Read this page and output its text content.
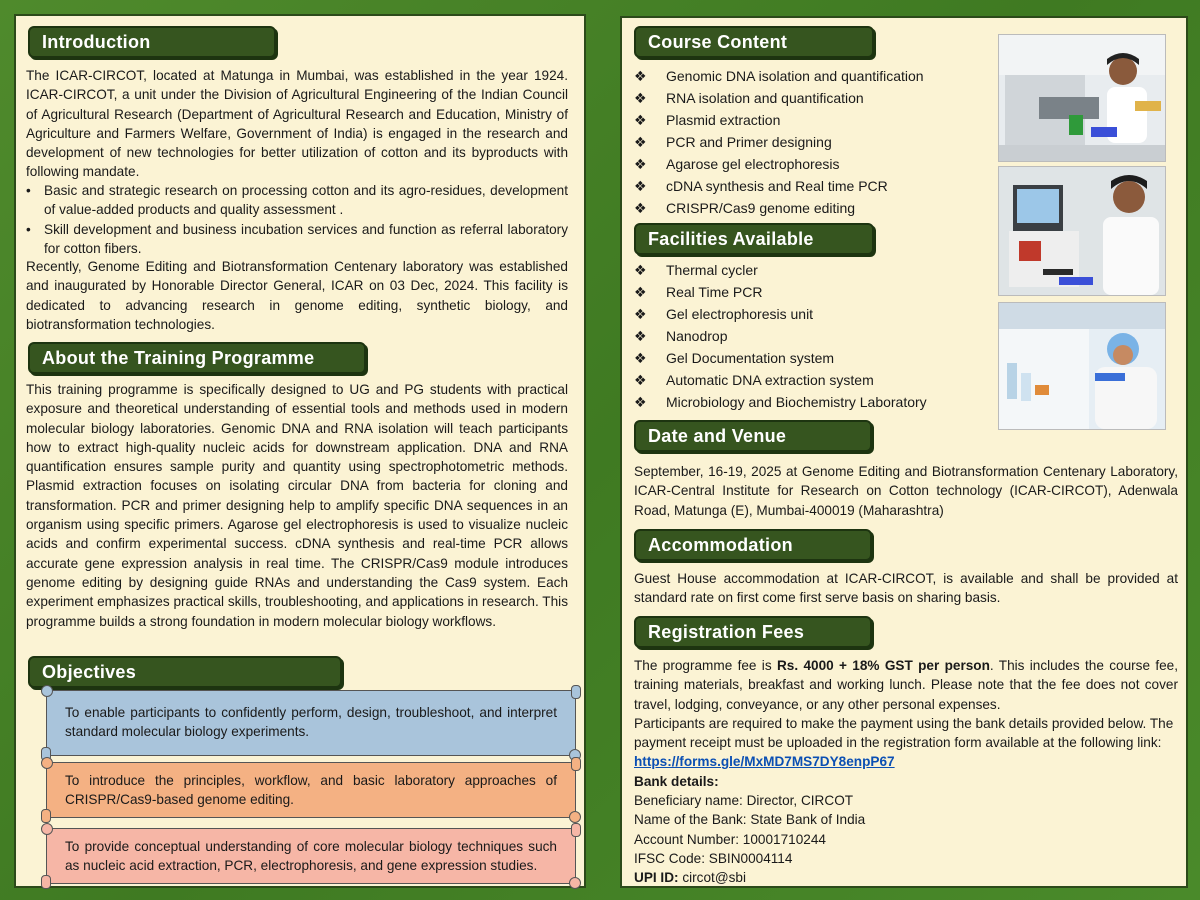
Introduction

The ICAR-CIRCOT, located at Matunga in Mumbai, was established in the year 1924. ICAR-CIRCOT, a unit under the Division of Agricultural Engineering of the Indian Council of Agricultural Research (Department of Agricultural Research and Education, Ministry of Agriculture and Farmers Welfare, Government of India) is engaged in the research and development of new technologies for better utilization of cotton and its byproducts with following mandate.

• Basic and strategic research on processing cotton and its agro-residues, development of value-added products and quality assessment .
• Skill development and business incubation services and function as referral laboratory for cotton fibers.

Recently, Genome Editing and Biotransformation Centenary laboratory was established and inaugurated by Honorable Director General, ICAR on 03 Dec, 2024. This facility is dedicated to advancing research in genome editing, synthetic biology, and biotransformation technologies.

About the Training Programme

This training programme is specifically designed to UG and PG students with practical exposure and theoretical understanding of essential tools and methods used in modern molecular biology laboratories. Genomic DNA and RNA isolation will teach participants how to extract high-quality nucleic acids for downstream application. DNA and RNA quantification ensures sample purity and quantity using spectrophotometric methods. Plasmid extraction focuses on isolating circular DNA from bacteria for cloning and transformation. PCR and primer designing help to amplify specific DNA sequences in an organism using specific primers. Agarose gel electrophoresis is used to visualize nucleic acids and confirm experimental success. cDNA synthesis and real-time PCR allows accurate gene expression analysis in real time. The CRISPR/Cas9 module introduces genome editing by designing guide RNAs and understanding the Cas9 system. Each experiment emphasizes practical skills, troubleshooting, and applications in research. This programme builds a strong foundation in modern molecular biology workflows.

Objectives
To enable participants to confidently perform, design, troubleshoot, and interpret standard molecular biology experiments.
To introduce the principles, workflow, and basic laboratory approaches of CRISPR/Cas9-based genome editing.
To provide conceptual understanding of core molecular biology techniques such as nucleic acid extraction, PCR, electrophoresis, and gene expression studies.
Course Content
❖ Genomic DNA isolation and quantification
❖ RNA isolation and quantification
❖ Plasmid extraction
❖ PCR and Primer designing
❖ Agarose gel electrophoresis
❖ cDNA synthesis and Real time PCR
❖ CRISPR/Cas9 genome editing
Facilities Available
❖ Thermal cycler
❖ Real Time PCR
❖ Gel electrophoresis unit
❖ Nanodrop
❖ Gel Documentation system
❖ Automatic DNA extraction system
❖ Microbiology and Biochemistry Laboratory
Date and Venue

September, 16-19, 2025 at Genome Editing and Biotransformation Centenary Laboratory, ICAR-Central Institute for Research on Cotton technology (ICAR-CIRCOT), Adenwala Road, Matunga (E), Mumbai-400019 (Maharashtra)

Accommodation

Guest House accommodation at ICAR-CIRCOT, is available and shall be provided at standard rate on first come first serve basis on sharing basis.

Registration Fees
The programme fee is Rs. 4000 + 18% GST per person. This includes the course fee, training materials, breakfast and working lunch. Please note that the fee does not cover travel, lodging, conveyance, or any other personal expenses.
Participants are required to make the payment using the bank details provided below. The payment receipt must be uploaded in the registration form available at the following link: https://forms.gle/MxMD7MS7DY8enpP67
Bank details:
Beneficiary name: Director, CIRCOT
Name of the Bank: State Bank of India
Account Number: 10001710244
IFSC Code: SBIN0004114
UPI ID: circot@sbi
